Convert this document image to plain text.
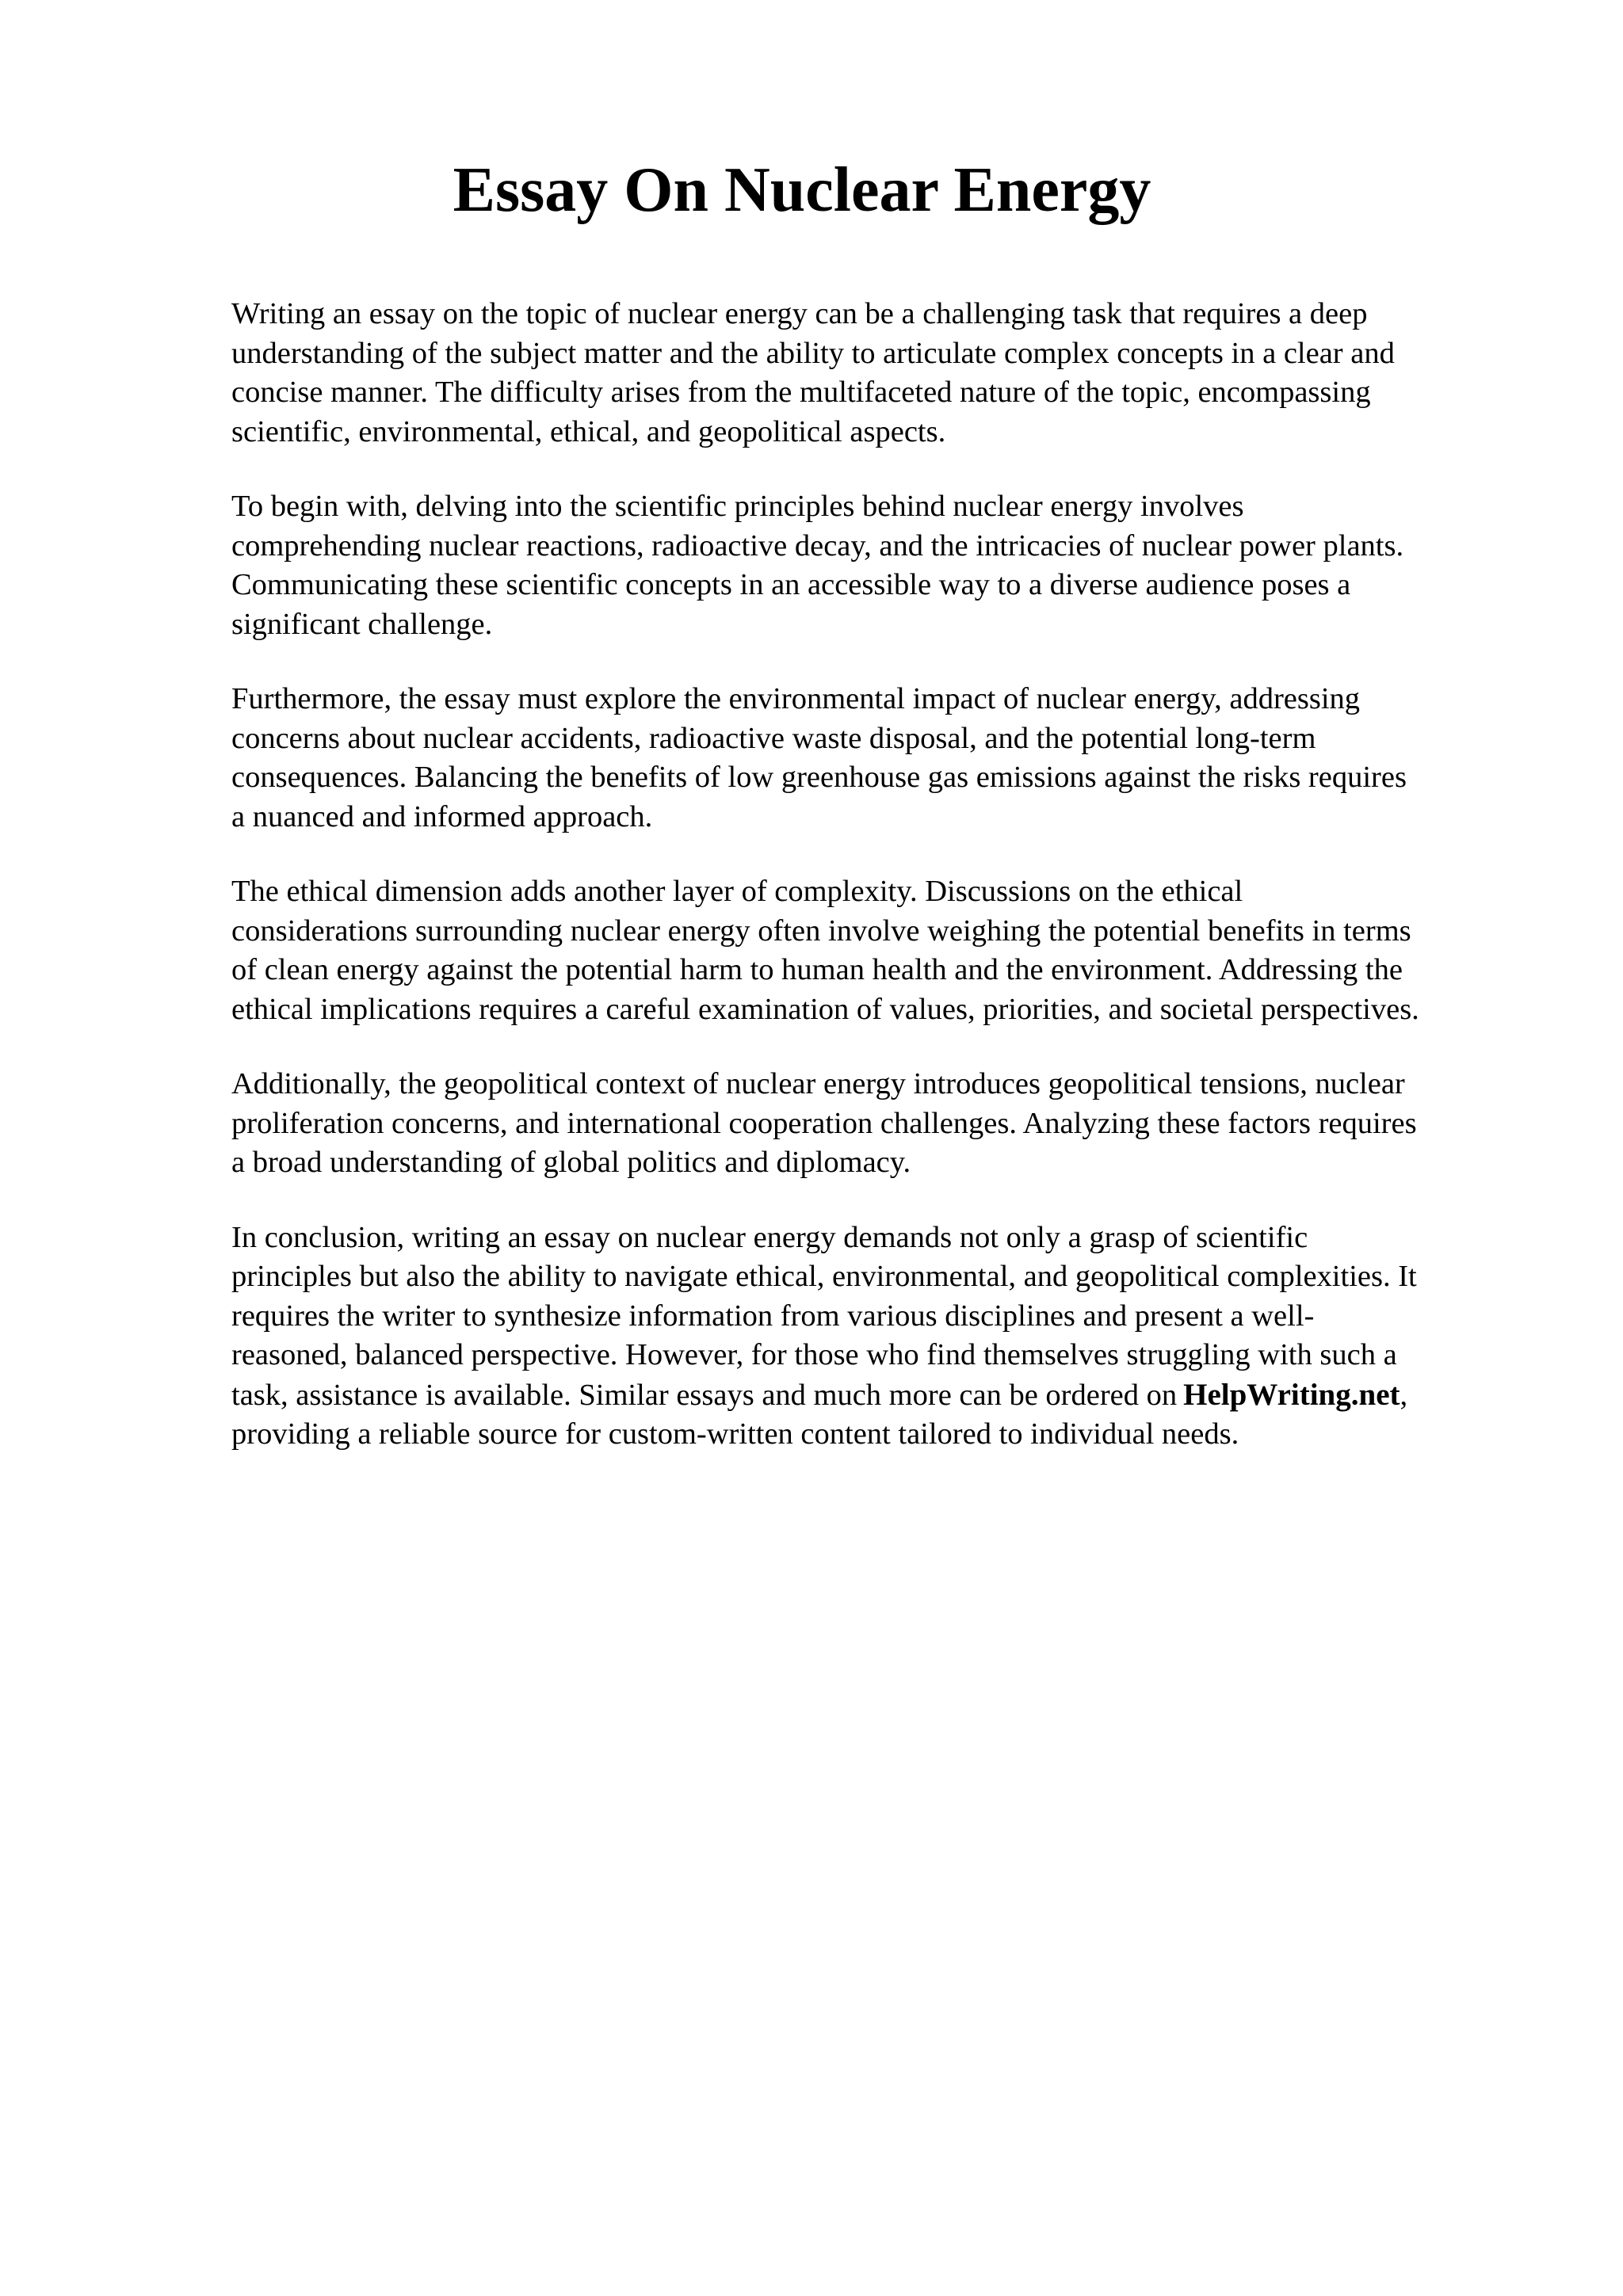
Essay On Nuclear Energy

Writing an essay on the topic of nuclear energy can be a challenging task that requires a deep
understanding of the subject matter and the ability to articulate complex concepts in a clear and
concise manner. The difficulty arises from the multifaceted nature of the topic, encompassing
scientific, environmental, ethical, and geopolitical aspects.

To begin with, delving into the scientific principles behind nuclear energy involves
comprehending nuclear reactions, radioactive decay, and the intricacies of nuclear power plants.
Communicating these scientific concepts in an accessible way to a diverse audience poses a
significant challenge.

Furthermore, the essay must explore the environmental impact of nuclear energy, addressing
concerns about nuclear accidents, radioactive waste disposal, and the potential long-term
consequences. Balancing the benefits of low greenhouse gas emissions against the risks requires
a nuanced and informed approach.

The ethical dimension adds another layer of complexity. Discussions on the ethical
considerations surrounding nuclear energy often involve weighing the potential benefits in terms
of clean energy against the potential harm to human health and the environment. Addressing the
ethical implications requires a careful examination of values, priorities, and societal perspectives.

Additionally, the geopolitical context of nuclear energy introduces geopolitical tensions, nuclear
proliferation concerns, and international cooperation challenges. Analyzing these factors requires
a broad understanding of global politics and diplomacy.

In conclusion, writing an essay on nuclear energy demands not only a grasp of scientific
principles but also the ability to navigate ethical, environmental, and geopolitical complexities. It
requires the writer to synthesize information from various disciplines and present a well-
reasoned, balanced perspective. However, for those who find themselves struggling with such a
task, assistance is available. Similar essays and much more can be ordered on HelpWriting.net,
providing a reliable source for custom-written content tailored to individual needs.
